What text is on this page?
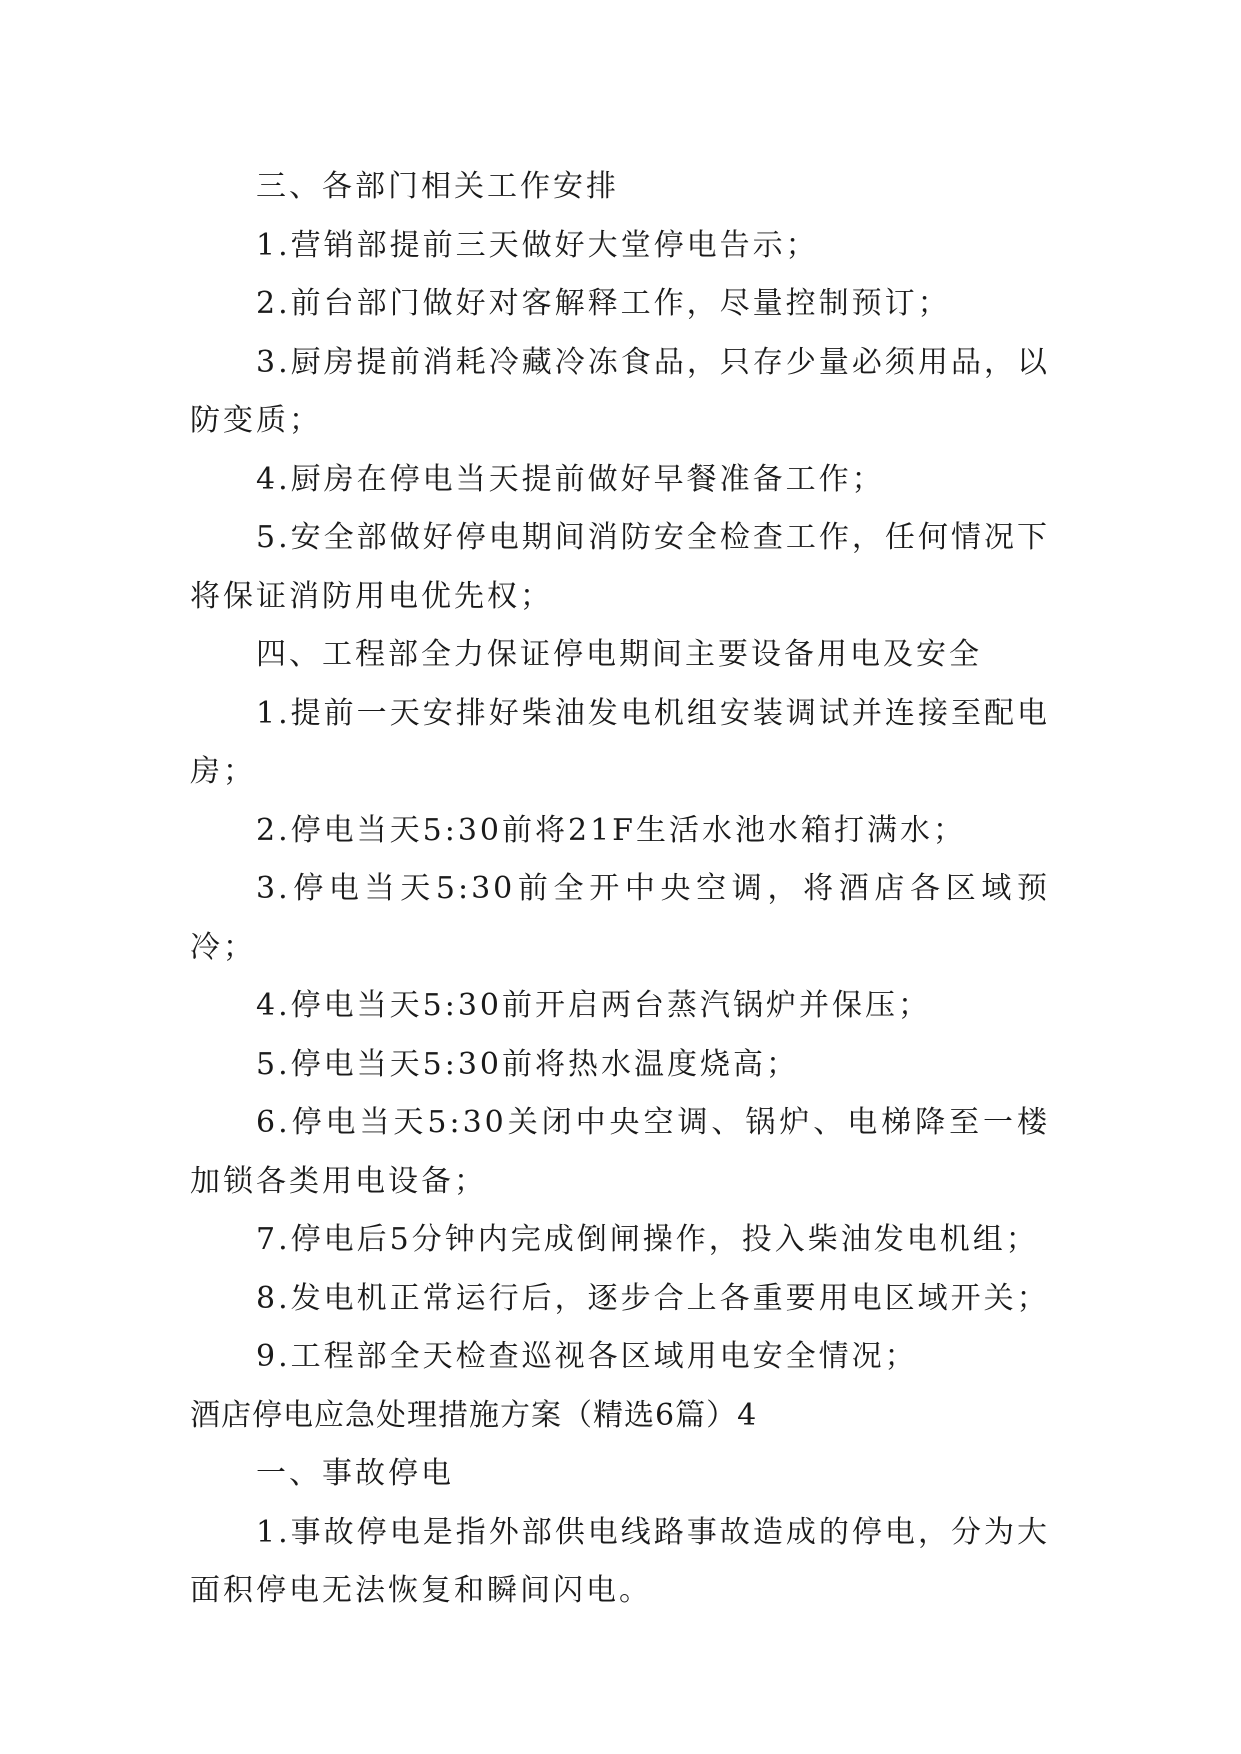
三、各部门相关工作安排

1.营销部提前三天做好大堂停电告示；

2.前台部门做好对客解释工作，尽量控制预订；

3.厨房提前消耗冷藏冷冻食品，只存少量必须用品，以防变质；

4.厨房在停电当天提前做好早餐准备工作；

5.安全部做好停电期间消防安全检查工作，任何情况下将保证消防用电优先权；

四、工程部全力保证停电期间主要设备用电及安全

1.提前一天安排好柴油发电机组安装调试并连接至配电房；

2.停电当天5:30前将21F生活水池水箱打满水；

3.停电当天5:30前全开中央空调，将酒店各区域预冷；

4.停电当天5:30前开启两台蒸汽锅炉并保压；

5.停电当天5:30前将热水温度烧高；

6.停电当天5:30关闭中央空调、锅炉、电梯降至一楼加锁各类用电设备；

7.停电后5分钟内完成倒闸操作，投入柴油发电机组；

8.发电机正常运行后，逐步合上各重要用电区域开关；

9.工程部全天检查巡视各区域用电安全情况；

酒店停电应急处理措施方案（精选6篇）4

一、事故停电

1.事故停电是指外部供电线路事故造成的停电，分为大面积停电无法恢复和瞬间闪电。
